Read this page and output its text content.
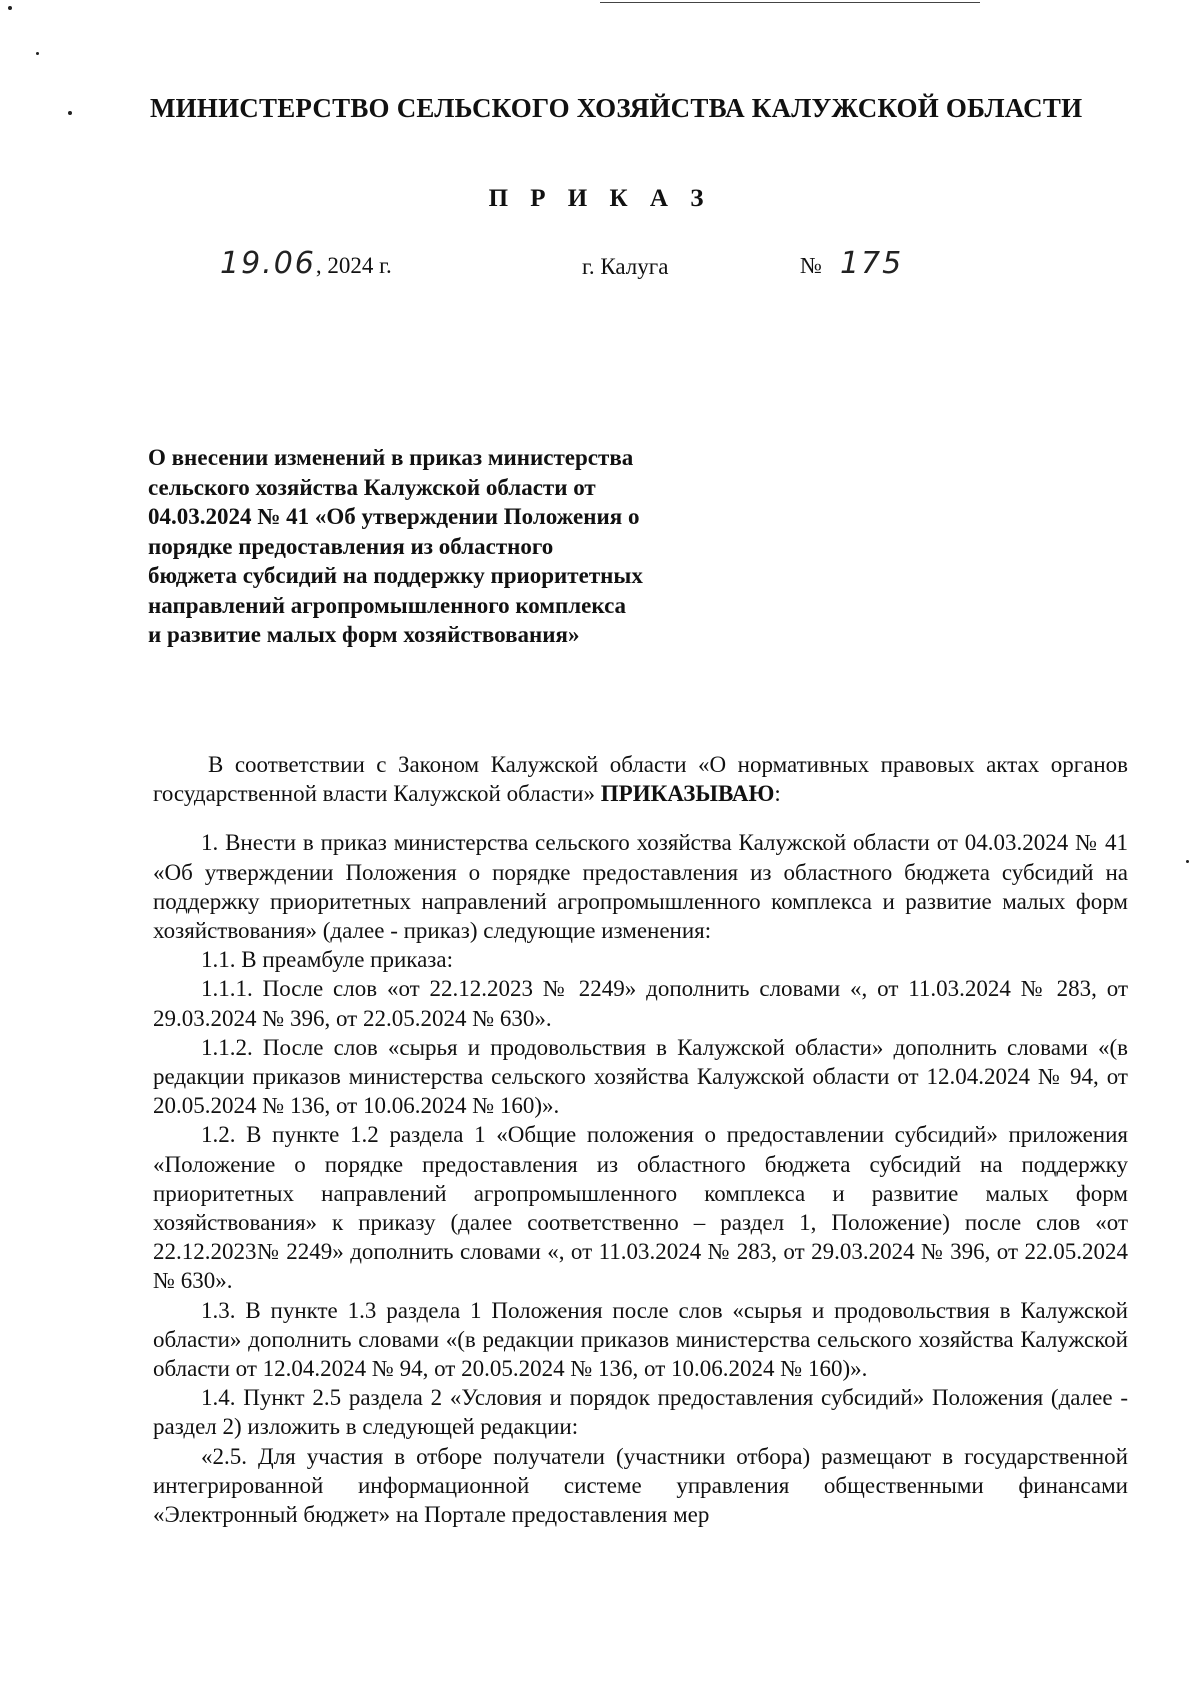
МИНИСТЕРСТВО СЕЛЬСКОГО ХОЗЯЙСТВА КАЛУЖСКОЙ ОБЛАСТИ
П Р И К А З
19.06, 2024 г.	г. Калуга	№ 175
О внесении изменений в приказ министерства
сельского хозяйства Калужской области от
04.03.2024 № 41 «Об утверждении Положения о
порядке предоставления из областного
бюджета субсидий на поддержку приоритетных
направлений агропромышленного комплекса
и развитие малых форм хозяйствования»

В соответствии с Законом Калужской области «О нормативных правовых актах органов государственной власти Калужской области» ПРИКАЗЫВАЮ:

1. Внести в приказ министерства сельского хозяйства Калужской области от 04.03.2024 № 41 «Об утверждении Положения о порядке предоставления из областного бюджета субсидий на поддержку приоритетных направлений агропромышленного комплекса и развитие малых форм хозяйствования» (далее - приказ) следующие изменения:

1.1. В преамбуле приказа:

1.1.1. После слов «от 22.12.2023 № 2249» дополнить словами «, от 11.03.2024 № 283, от 29.03.2024 № 396, от 22.05.2024 № 630».

1.1.2. После слов «сырья и продовольствия в Калужской области» дополнить словами «(в редакции приказов министерства сельского хозяйства Калужской области от 12.04.2024 № 94, от 20.05.2024 № 136, от 10.06.2024 № 160)».

1.2. В пункте 1.2 раздела 1 «Общие положения о предоставлении субсидий» приложения «Положение о порядке предоставления из областного бюджета субсидий на поддержку приоритетных направлений агропромышленного комплекса и развитие малых форм хозяйствования» к приказу (далее соответственно – раздел 1, Положение) после слов «от 22.12.2023№ 2249» дополнить словами «, от 11.03.2024 № 283, от 29.03.2024 № 396, от 22.05.2024 № 630».

1.3. В пункте 1.3 раздела 1 Положения после слов «сырья и продовольствия в Калужской области» дополнить словами «(в редакции приказов министерства сельского хозяйства Калужской области от 12.04.2024 № 94, от 20.05.2024 № 136, от 10.06.2024 № 160)».

1.4. Пункт 2.5 раздела 2 «Условия и порядок предоставления субсидий» Положения (далее - раздел 2) изложить в следующей редакции:

«2.5. Для участия в отборе получатели (участники отбора) размещают в государственной интегрированной информационной системе управления общественными финансами «Электронный бюджет» на Портале предоставления мер
